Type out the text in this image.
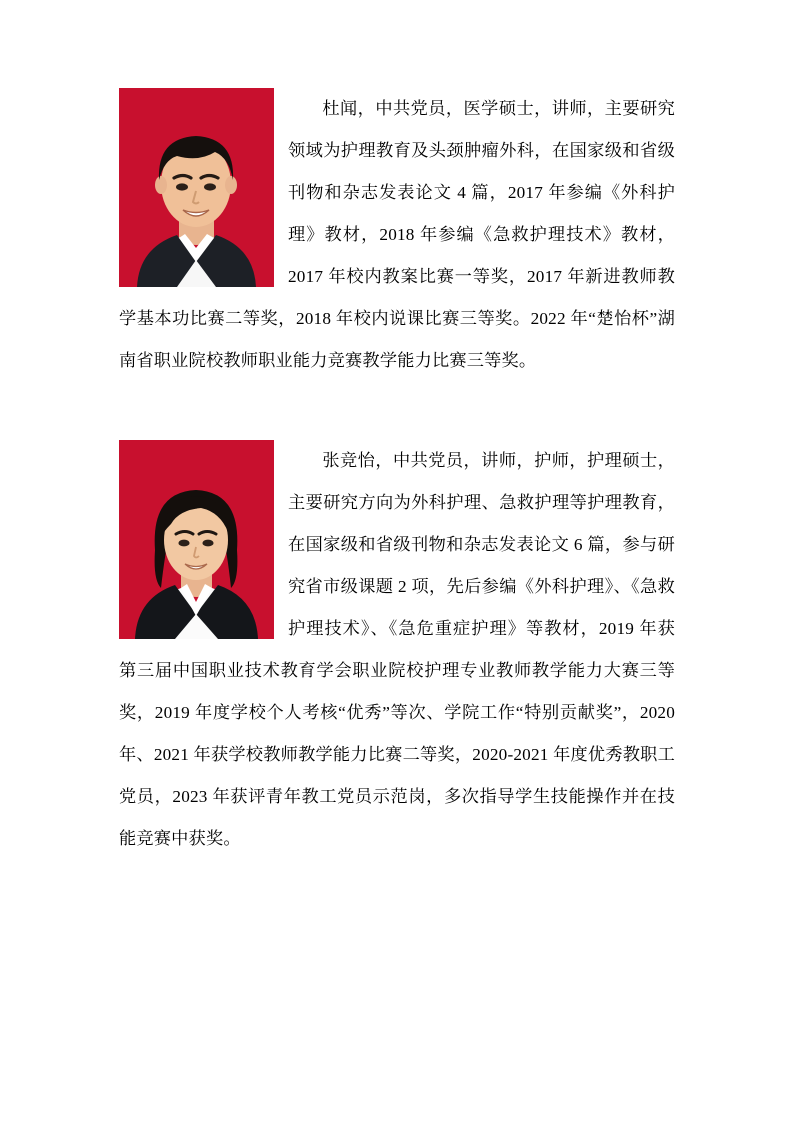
杜闻，中共党员，医学硕士，讲师，主要研究领域为护理教育及头颈肿瘤外科，在国家级和省级刊物和杂志发表论文 4 篇，2017 年参编《外科护理》教材，2018 年参编《急救护理技术》教材，2017 年校内教案比赛一等奖，2017 年新进教师教学基本功比赛二等奖，2018 年校内说课比赛三等奖。2022 年“楚怡杯”湖南省职业院校教师职业能力竞赛教学能力比赛三等奖。

张竞怡，中共党员，讲师，护师，护理硕士，主要研究方向为外科护理、急救护理等护理教育，在国家级和省级刊物和杂志发表论文 6 篇，参与研究省市级课题 2 项，先后参编《外科护理》、《急救护理技术》、《急危重症护理》等教材，2019 年获第三届中国职业技术教育学会职业院校护理专业教师教学能力大赛三等奖，2019 年度学校个人考核“优秀”等次、学院工作“特别贡献奖”，2020 年、2021 年获学校教师教学能力比赛二等奖，2020-2021 年度优秀教职工党员，2023 年获评青年教工党员示范岗，多次指导学生技能操作并在技能竞赛中获奖。
